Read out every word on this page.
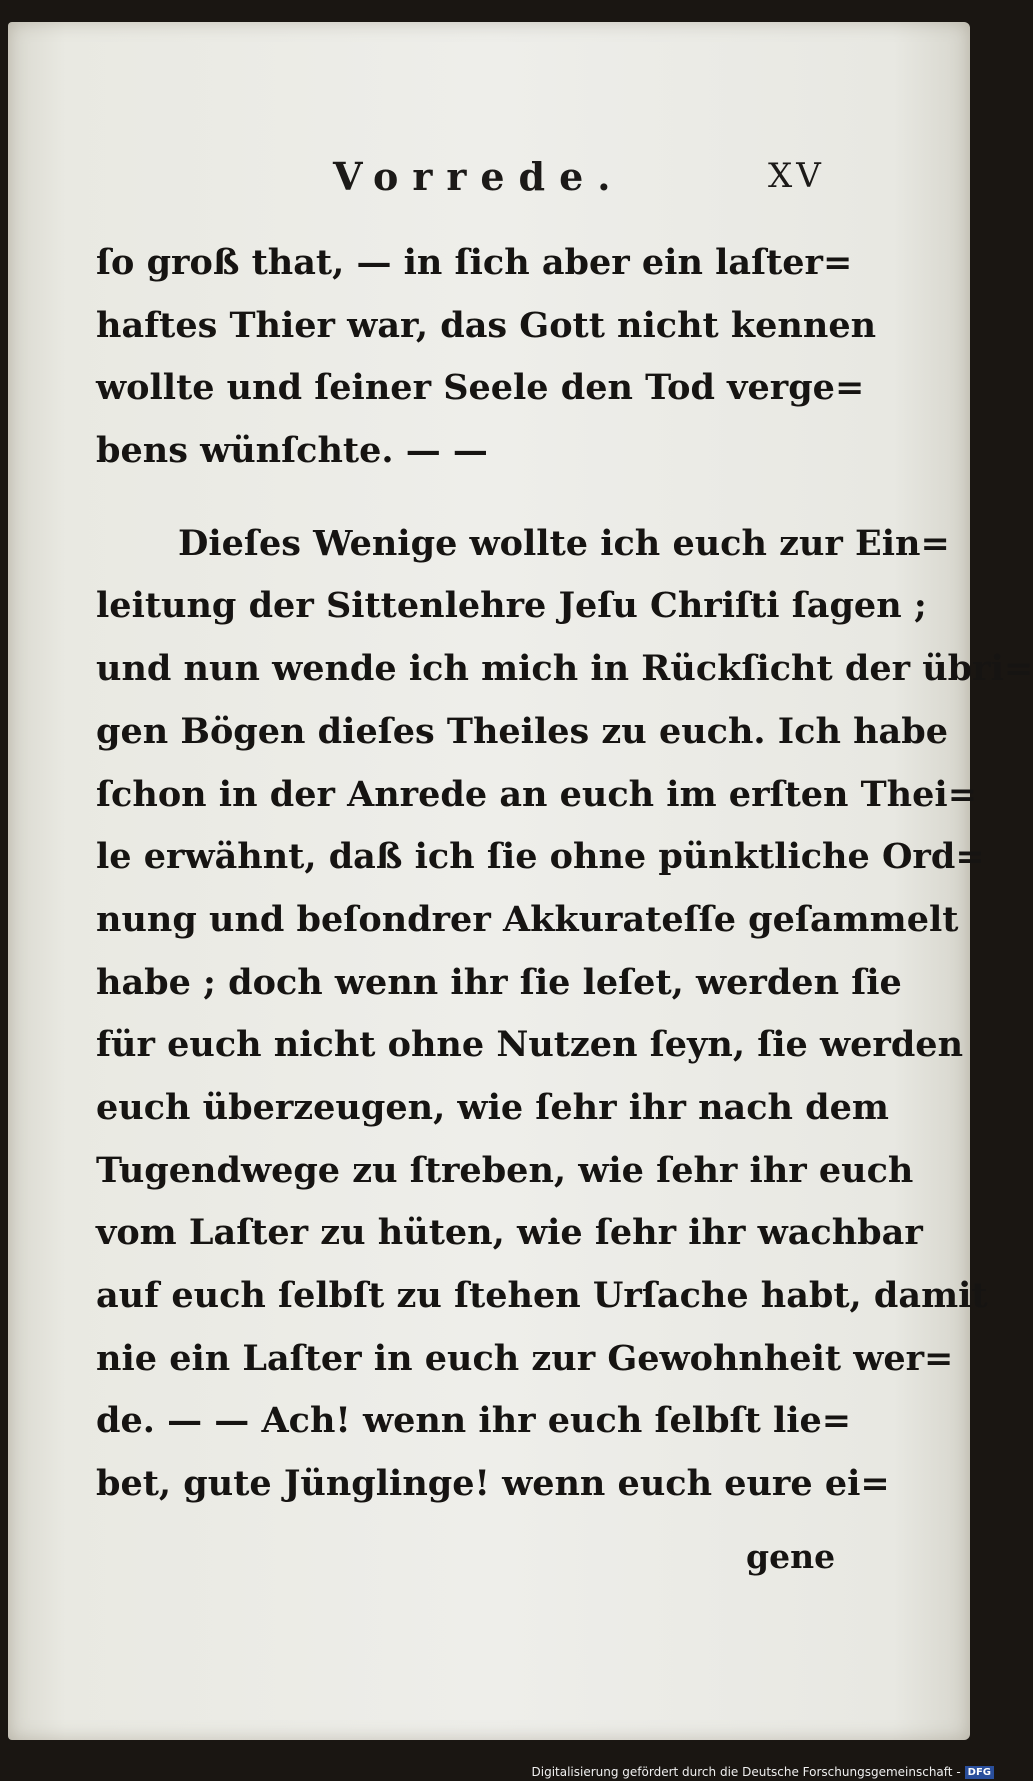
Vorrede.	XV
ſo groß that, — in ſich aber ein laſter=
haftes Thier war, das Gott nicht kennen
wollte und ſeiner Seele den Tod verge=
bens wünſchte. — —
Dieſes Wenige wollte ich euch zur Ein=
leitung der Sittenlehre Jeſu Chriſti ſagen ;
und nun wende ich mich in Rückſicht der übri=
gen Bögen dieſes Theiles zu euch. Ich habe
ſchon in der Anrede an euch im erſten Thei=
le erwähnt, daß ich ſie ohne pünktliche Ord=
nung und beſondrer Akkurateſſe geſammelt
habe ; doch wenn ihr ſie leſet, werden ſie
für euch nicht ohne Nutzen ſeyn, ſie werden
euch überzeugen, wie ſehr ihr nach dem
Tugendwege zu ſtreben, wie ſehr ihr euch
vom Laſter zu hüten, wie ſehr ihr wachbar
auf euch ſelbſt zu ſtehen Urſache habt, damit
nie ein Laſter in euch zur Gewohnheit wer=
de. — — Ach! wenn ihr euch ſelbſt lie=
bet, gute Jünglinge! wenn euch eure ei=
gene
Digitalisierung gefördert durch die Deutsche Forschungsgemeinschaft - DFG
